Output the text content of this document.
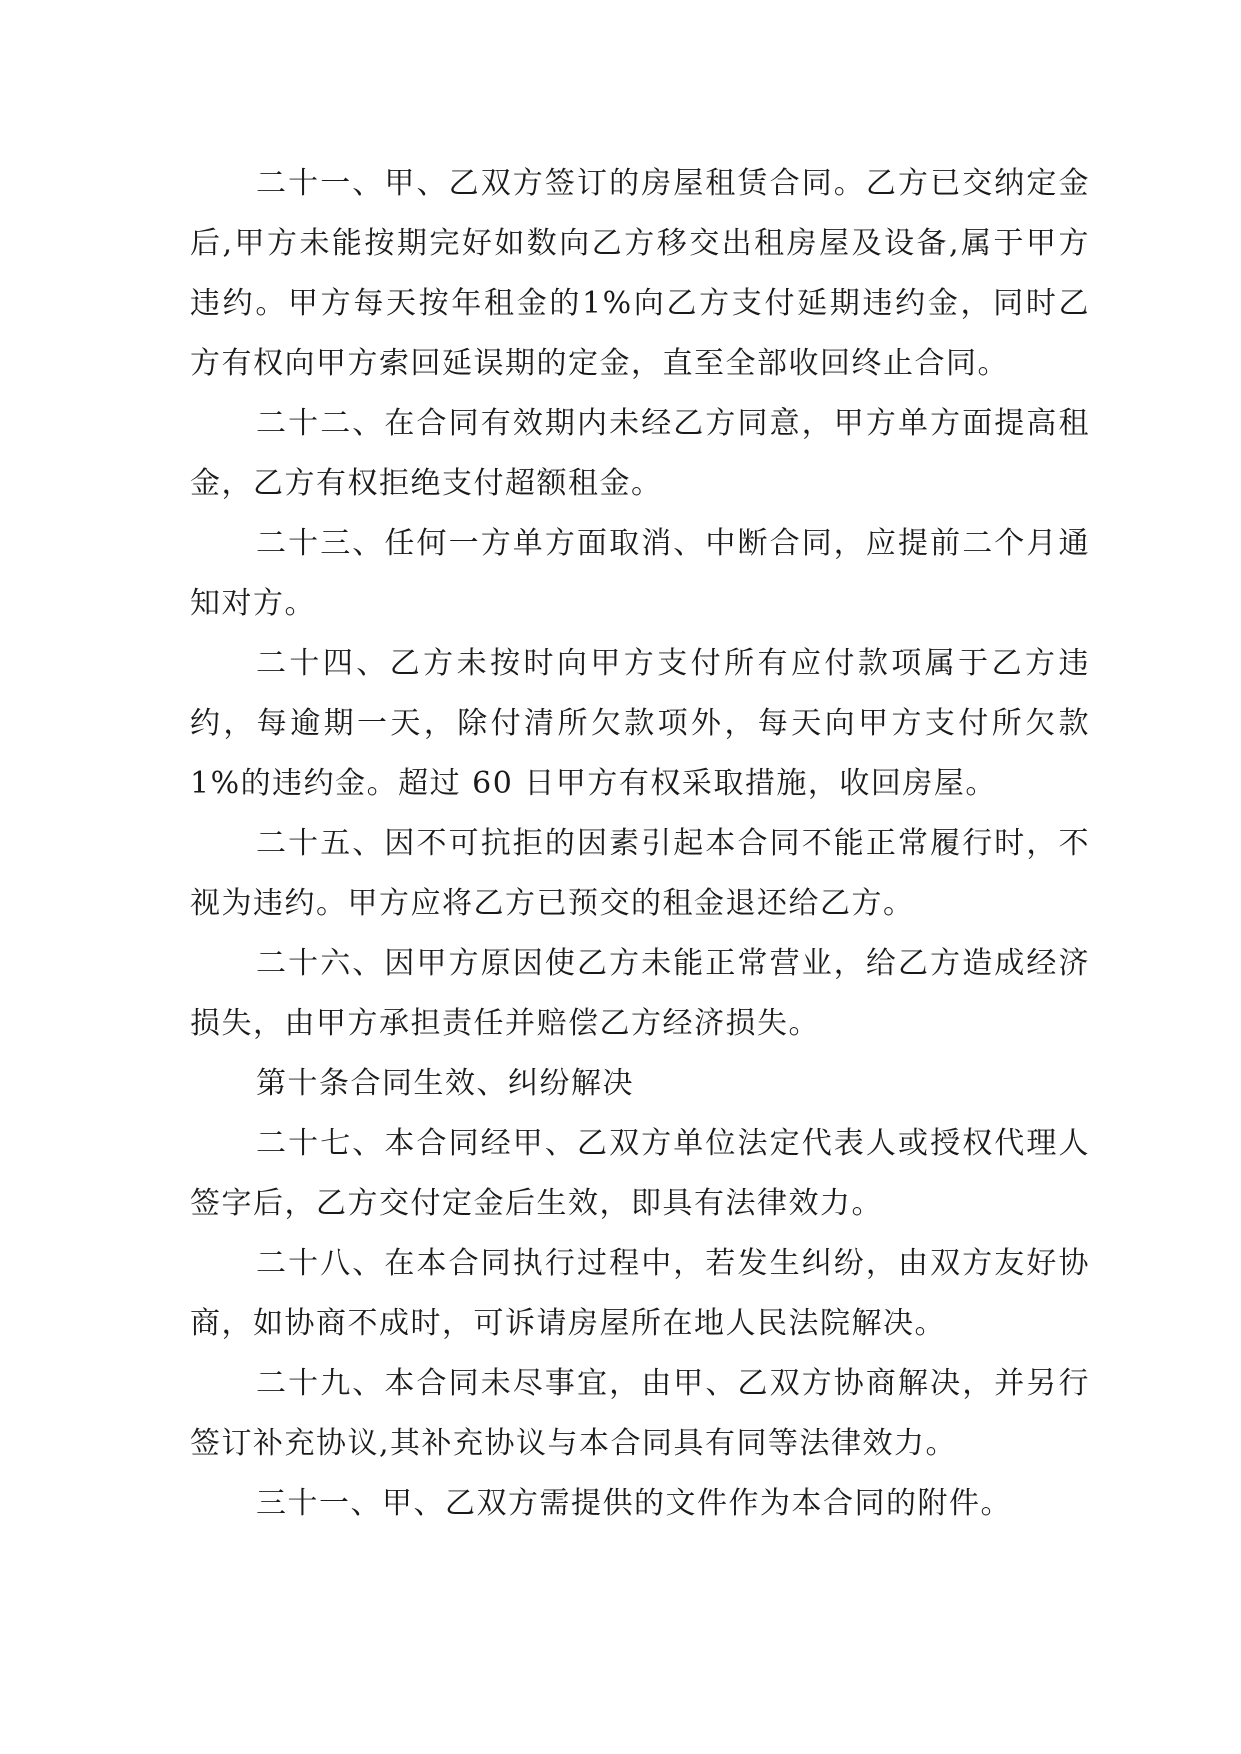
二十一、甲、乙双方签订的房屋租赁合同。乙方已交纳定金后,甲方未能按期完好如数向乙方移交出租房屋及设备,属于甲方违约。甲方每天按年租金的1%向乙方支付延期违约金，同时乙方有权向甲方索回延误期的定金，直至全部收回终止合同。

二十二、在合同有效期内未经乙方同意，甲方单方面提高租金，乙方有权拒绝支付超额租金。

二十三、任何一方单方面取消、中断合同，应提前二个月通知对方。

二十四、乙方未按时向甲方支付所有应付款项属于乙方违约，每逾期一天，除付清所欠款项外，每天向甲方支付所欠款 1%的违约金。超过 60 日甲方有权采取措施，收回房屋。

二十五、因不可抗拒的因素引起本合同不能正常履行时，不视为违约。甲方应将乙方已预交的租金退还给乙方。

二十六、因甲方原因使乙方未能正常营业，给乙方造成经济损失，由甲方承担责任并赔偿乙方经济损失。

第十条合同生效、纠纷解决

二十七、本合同经甲、乙双方单位法定代表人或授权代理人签字后，乙方交付定金后生效，即具有法律效力。

二十八、在本合同执行过程中，若发生纠纷，由双方友好协商，如协商不成时，可诉请房屋所在地人民法院解决。

二十九、本合同未尽事宜，由甲、乙双方协商解决，并另行签订补充协议,其补充协议与本合同具有同等法律效力。

三十一、甲、乙双方需提供的文件作为本合同的附件。
